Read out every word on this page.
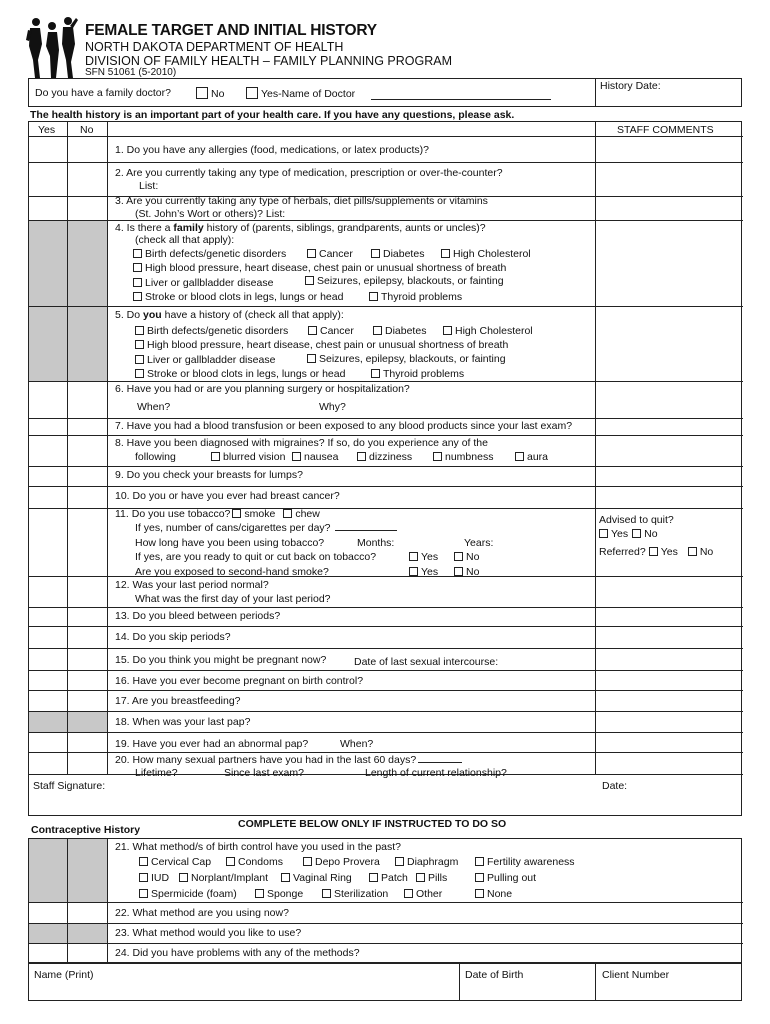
FEMALE TARGET AND INITIAL HISTORY
NORTH DAKOTA DEPARTMENT OF HEALTH
DIVISION OF FAMILY HEALTH – FAMILY PLANNING PROGRAM
SFN 51061 (5-2010)
Do you have a family doctor?	No	Yes-Name of Doctor
History Date:
The health history is an important part of your health care. If you have any questions, please ask.
Yes No	STAFF COMMENTS
1. Do you have any allergies (food, medications, or latex products)?
2. Are you currently taking any type of medication, prescription or over-the-counter?
List:
3. Are you currently taking any type of herbals, diet pills/supplements or vitamins
(St. John’s Wort or others)? List:
4. Is there a family history of (parents, siblings, grandparents, aunts or uncles)?
(check all that apply):
Birth defects/genetic disorders	Cancer	Diabetes	High Cholesterol
High blood pressure, heart disease, chest pain or unusual shortness of breath
Liver or gallbladder disease	Seizures, epilepsy, blackouts, or fainting
Stroke or blood clots in legs, lungs or head	Thyroid problems
5. Do you have a history of (check all that apply):
Birth defects/genetic disorders	Cancer	Diabetes	High Cholesterol
High blood pressure, heart disease, chest pain or unusual shortness of breath
Liver or gallbladder disease	Seizures, epilepsy, blackouts, or fainting
Stroke or blood clots in legs, lungs or head	Thyroid problems
6. Have you had or are you planning surgery or hospitalization?
When?	Why?
7. Have you had a blood transfusion or been exposed to any blood products since your last exam?
8. Have you been diagnosed with migraines? If so, do you experience any of the
following	blurred vision	nausea	dizziness	numbness	aura
9. Do you check your breasts for lumps?
10. Do you or have you ever had breast cancer?
11. Do you use tobacco? smoke chew
If yes, number of cans/cigarettes per day?
How long have you been using tobacco?	Months:	Years:
If yes, are you ready to quit or cut back on tobacco?	Yes	No
Are you exposed to second-hand smoke?	Yes	No
Advised to quit?
Yes No
Referred? Yes No
12. Was your last period normal?
What was the first day of your last period?
13. Do you bleed between periods?
14. Do you skip periods?
15. Do you think you might be pregnant now?	Date of last sexual intercourse:
16. Have you ever become pregnant on birth control?
17. Are you breastfeeding?
18. When was your last pap?
19. Have you ever had an abnormal pap?	When?
20. How many sexual partners have you had in the last 60 days?
Lifetime?	Since last exam?	Length of current relationship?
Staff Signature:	Date:
COMPLETE BELOW ONLY IF INSTRUCTED TO DO SO
Contraceptive History
21. What method/s of birth control have you used in the past?
Cervical Cap	Condoms	Depo Provera	Diaphragm	Fertility awareness
IUD	Norplant/Implant	Vaginal Ring	Patch	Pills	Pulling out
Spermicide (foam)	Sponge	Sterilization	Other	None
22. What method are you using now?
23. What method would you like to use?
24. Did you have problems with any of the methods?
Name (Print)	Date of Birth	Client Number
